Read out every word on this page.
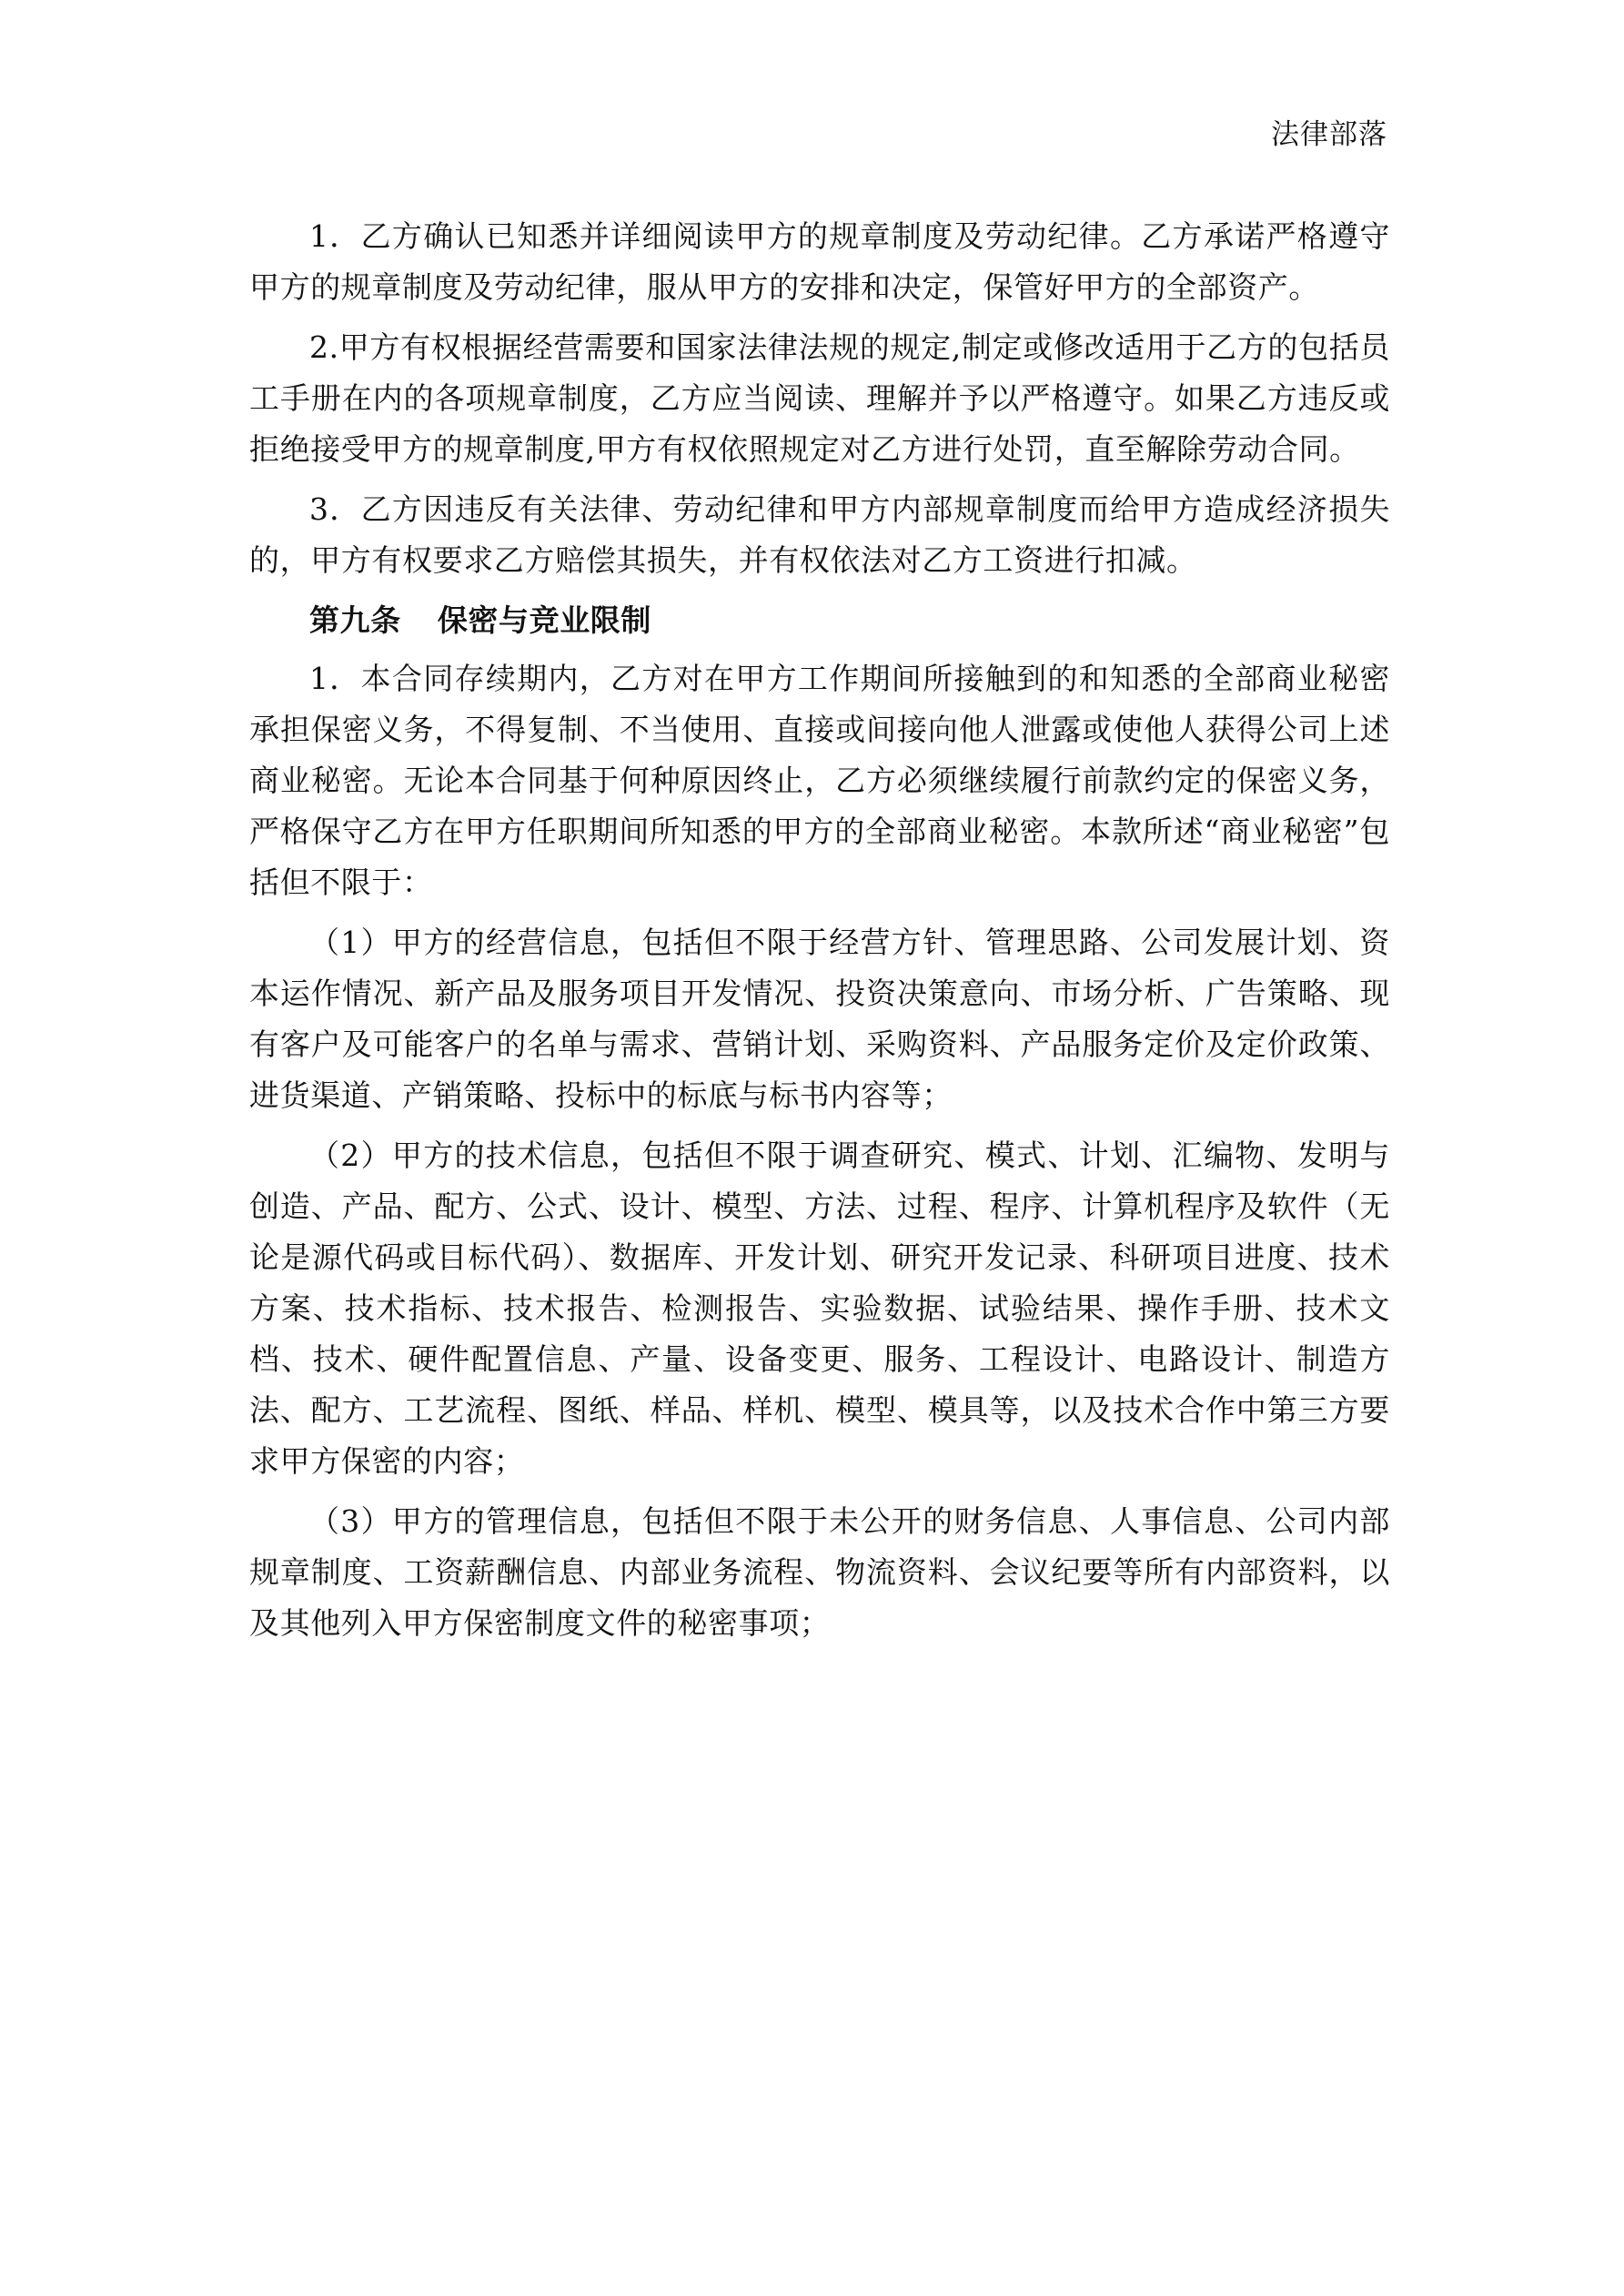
法律部落

1．乙方确认已知悉并详细阅读甲方的规章制度及劳动纪律。乙方承诺严格遵守甲方的规章制度及劳动纪律，服从甲方的安排和决定，保管好甲方的全部资产。

2.甲方有权根据经营需要和国家法律法规的规定,制定或修改适用于乙方的包括员工手册在内的各项规章制度，乙方应当阅读、理解并予以严格遵守。如果乙方违反或拒绝接受甲方的规章制度,甲方有权依照规定对乙方进行处罚，直至解除劳动合同。

3．乙方因违反有关法律、劳动纪律和甲方内部规章制度而给甲方造成经济损失的，甲方有权要求乙方赔偿其损失，并有权依法对乙方工资进行扣减。

第九条 保密与竞业限制

1．本合同存续期内，乙方对在甲方工作期间所接触到的和知悉的全部商业秘密承担保密义务，不得复制、不当使用、直接或间接向他人泄露或使他人获得公司上述商业秘密。无论本合同基于何种原因终止，乙方必须继续履行前款约定的保密义务，严格保守乙方在甲方任职期间所知悉的甲方的全部商业秘密。本款所述“商业秘密”包括但不限于：

（1）甲方的经营信息，包括但不限于经营方针、管理思路、公司发展计划、资本运作情况、新产品及服务项目开发情况、投资决策意向、市场分析、广告策略、现有客户及可能客户的名单与需求、营销计划、采购资料、产品服务定价及定价政策、进货渠道、产销策略、投标中的标底与标书内容等；

（2）甲方的技术信息，包括但不限于调查研究、模式、计划、汇编物、发明与创造、产品、配方、公式、设计、模型、方法、过程、程序、计算机程序及软件（无论是源代码或目标代码）、数据库、开发计划、研究开发记录、科研项目进度、技术方案、技术指标、技术报告、检测报告、实验数据、试验结果、操作手册、技术文档、技术、硬件配置信息、产量、设备变更、服务、工程设计、电路设计、制造方法、配方、工艺流程、图纸、样品、样机、模型、模具等，以及技术合作中第三方要求甲方保密的内容；

（3）甲方的管理信息，包括但不限于未公开的财务信息、人事信息、公司内部规章制度、工资薪酬信息、内部业务流程、物流资料、会议纪要等所有内部资料，以及其他列入甲方保密制度文件的秘密事项；
